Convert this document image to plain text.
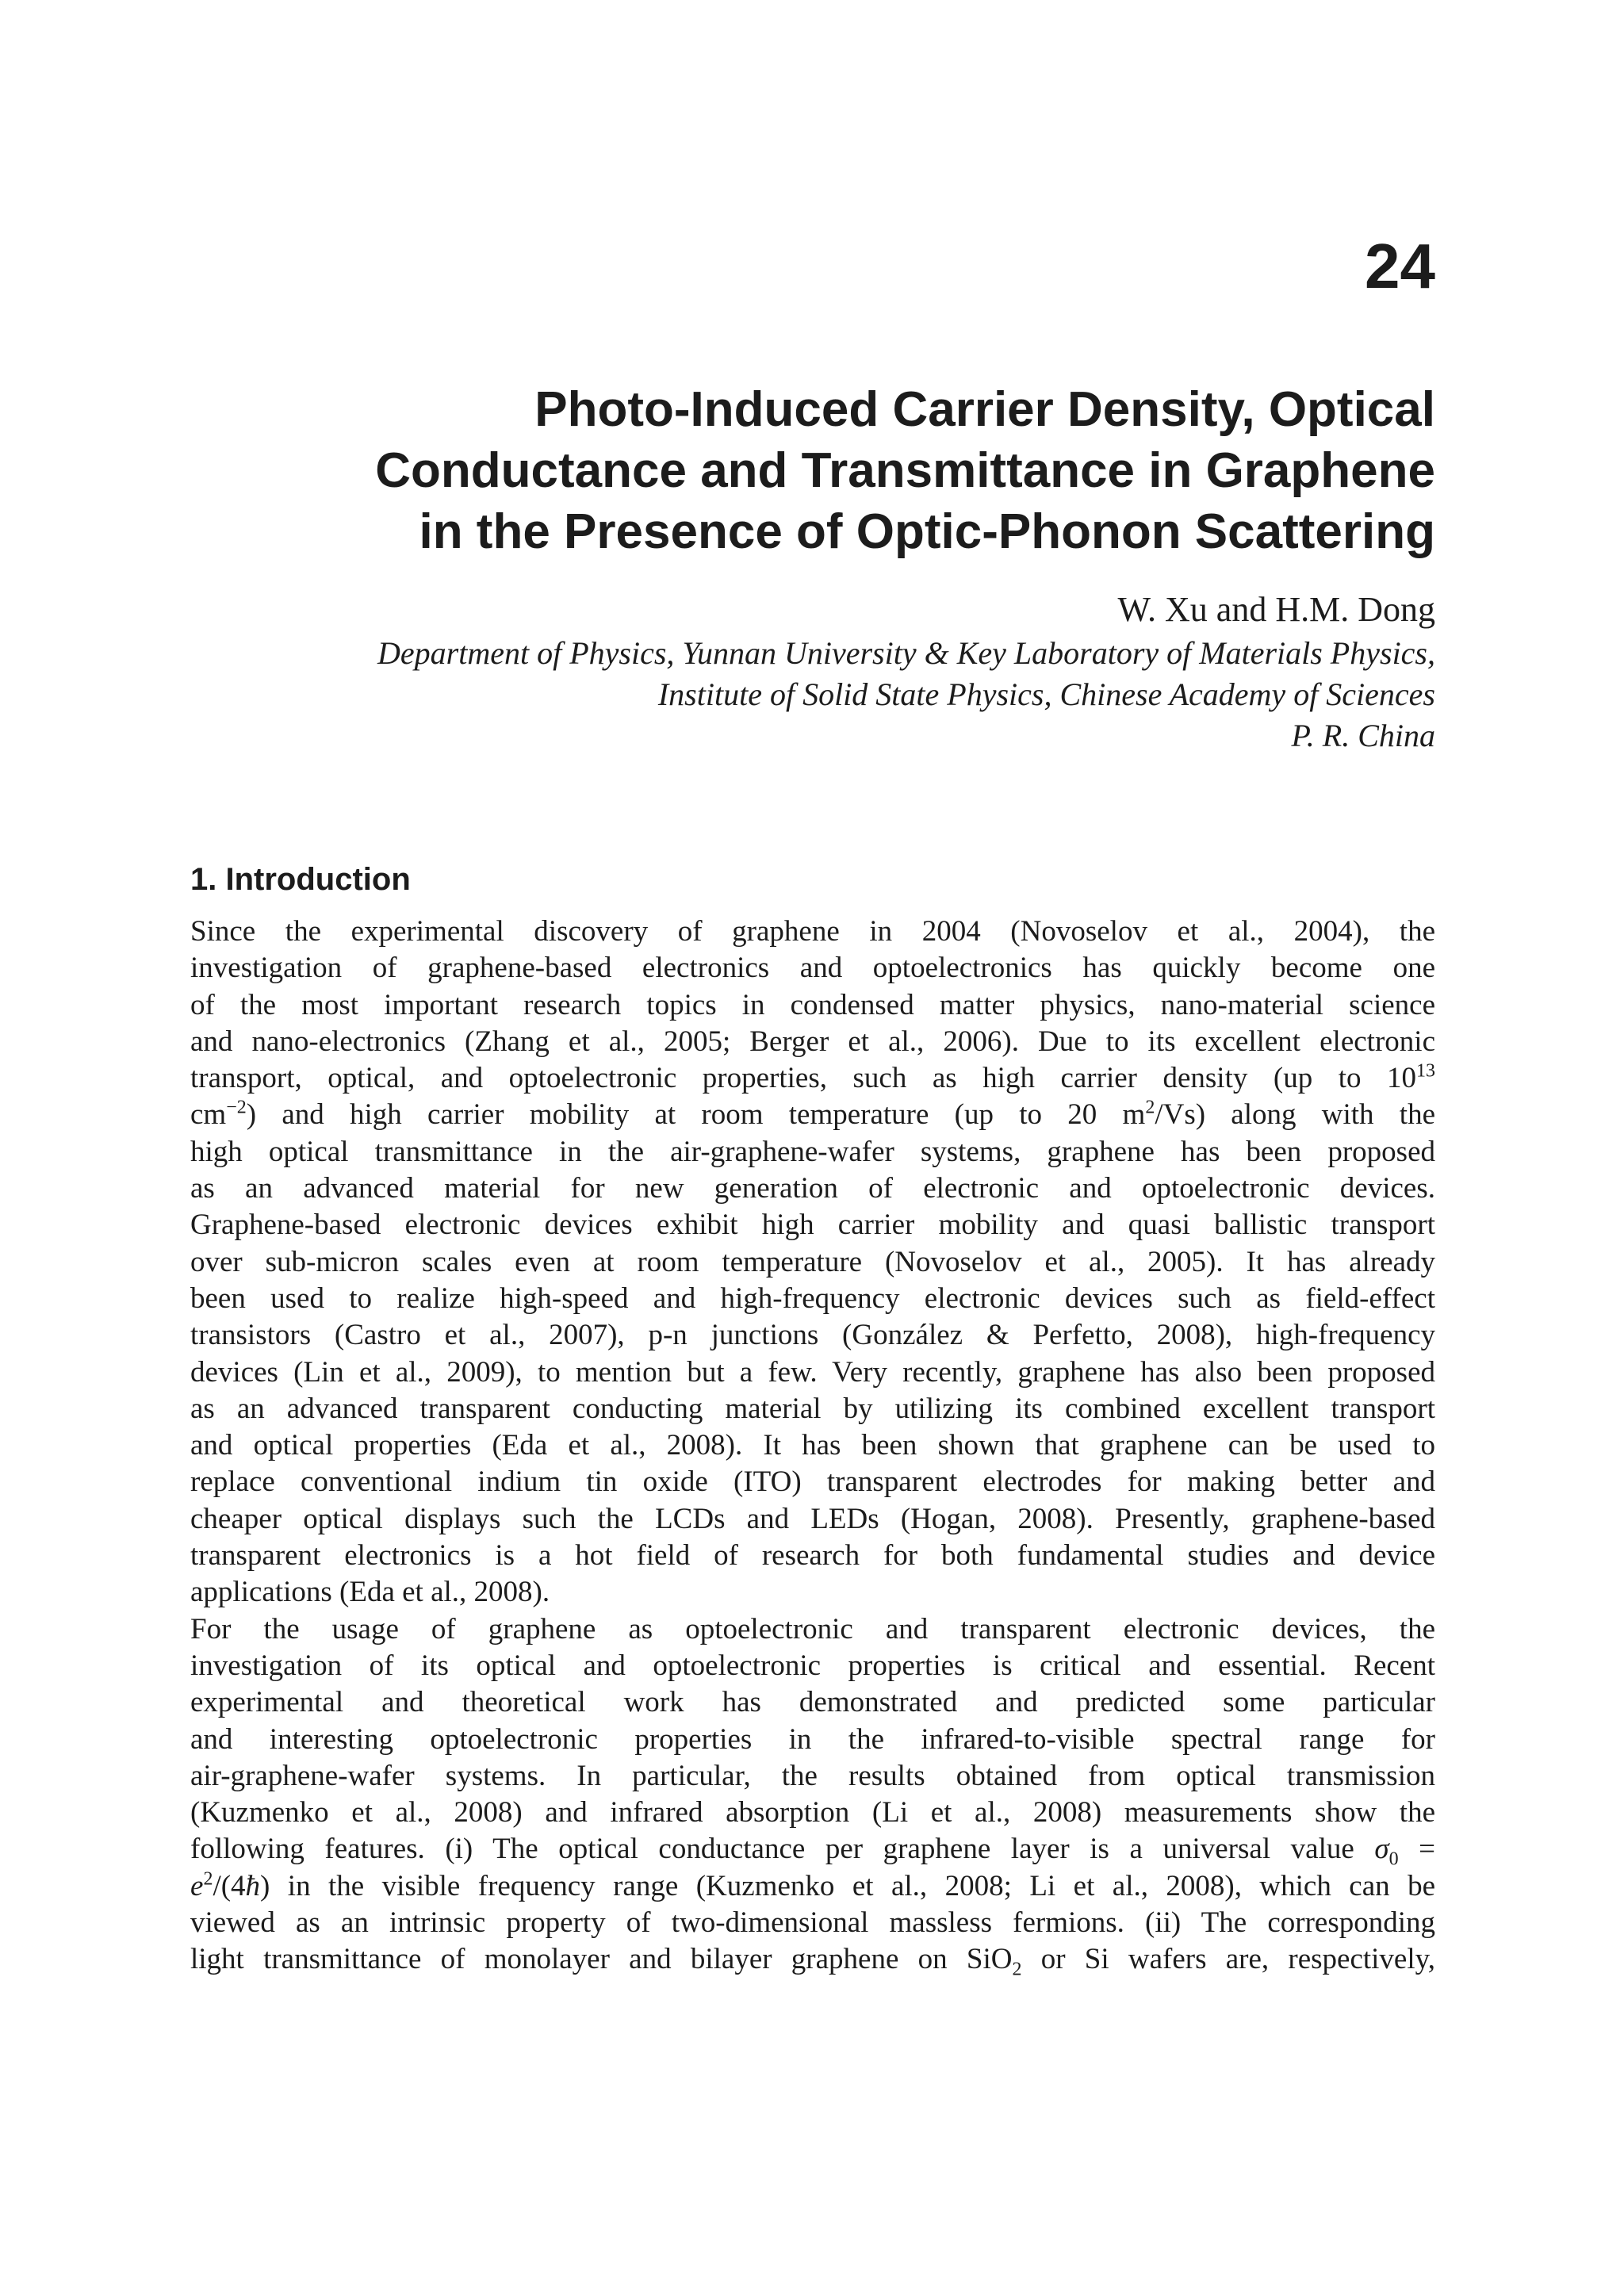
24
Photo-Induced Carrier Density, Optical
Conductance and Transmittance in Graphene
in the Presence of Optic-Phonon Scattering

W. Xu and H.M. Dong

Department of Physics, Yunnan University & Key Laboratory of Materials Physics,
Institute of Solid State Physics, Chinese Academy of Sciences
P. R. China

1. Introduction
Since the experimental discovery of graphene in 2004 (Novoselov et al., 2004), the
investigation of graphene-based electronics and optoelectronics has quickly become one
of the most important research topics in condensed matter physics, nano-material science
and nano-electronics (Zhang et al., 2005; Berger et al., 2006). Due to its excellent electronic
transport, optical, and optoelectronic properties, such as high carrier density (up to $10^{13}$
$cm^{-2}$) and high carrier mobility at room temperature (up to 20 $m^2/Vs$) along with the
high optical transmittance in the air-graphene-wafer systems, graphene has been proposed
as an advanced material for new generation of electronic and optoelectronic devices.
Graphene-based electronic devices exhibit high carrier mobility and quasi ballistic transport
over sub-micron scales even at room temperature (Novoselov et al., 2005). It has already
been used to realize high-speed and high-frequency electronic devices such as field-effect
transistors (Castro et al., 2007), p-n junctions (González & Perfetto, 2008), high-frequency
devices (Lin et al., 2009), to mention but a few. Very recently, graphene has also been proposed
as an advanced transparent conducting material by utilizing its combined excellent transport
and optical properties (Eda et al., 2008). It has been shown that graphene can be used to
replace conventional indium tin oxide (ITO) transparent electrodes for making better and
cheaper optical displays such the LCDs and LEDs (Hogan, 2008). Presently, graphene-based
transparent electronics is a hot field of research for both fundamental studies and device
applications (Eda et al., 2008).
For the usage of graphene as optoelectronic and transparent electronic devices, the
investigation of its optical and optoelectronic properties is critical and essential. Recent
experimental and theoretical work has demonstrated and predicted some particular
and interesting optoelectronic properties in the infrared-to-visible spectral range for
air-graphene-wafer systems. In particular, the results obtained from optical transmission
(Kuzmenko et al., 2008) and infrared absorption (Li et al., 2008) measurements show the
following features. (i) The optical conductance per graphene layer is a universal value $\sigma_0$ =
$e^2/(4ħ)$ in the visible frequency range (Kuzmenko et al., 2008; Li et al., 2008), which can be
viewed as an intrinsic property of two-dimensional massless fermions. (ii) The corresponding
light transmittance of monolayer and bilayer graphene on SiO$_2$ or Si wafers are, respectively,
